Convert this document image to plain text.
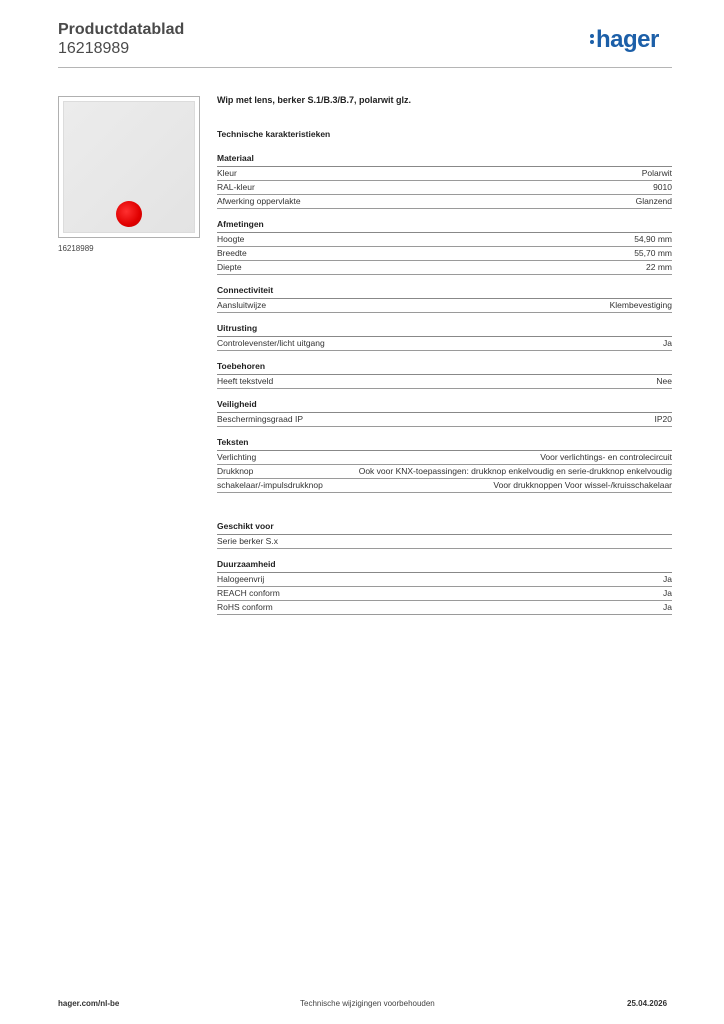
Productdatablad
16218989	hager
16218989
Wip met lens, berker S.1/B.3/B.7, polarwit glz.
Technische karakteristieken
Materiaal
Kleur	Polarwit
RAL-kleur	9010
Afwerking oppervlakte	Glanzend
Afmetingen
Hoogte	54,90 mm
Breedte	55,70 mm
Diepte	22 mm
Connectiviteit
Aansluitwijze	Klembevestiging
Uitrusting
Controlevenster/licht uitgang	Ja
Toebehoren
Heeft tekstveld	Nee
Veiligheid
Beschermingsgraad IP	IP20
Teksten
Verlichting	Voor verlichtings- en controlecircuit
Drukknop	Ook voor KNX-toepassingen: drukknop enkelvoudig en serie-drukknop enkelvoudig
schakelaar/-impulsdrukknop	Voor drukknoppen Voor wissel-/kruisschakelaar
Geschikt voor
Serie berker S.x
Duurzaamheid
Halogeenvrij	Ja
REACH conform	Ja
RoHS conform	Ja
hager.com/nl-be	Technische wijzigingen voorbehouden	25.04.2026
